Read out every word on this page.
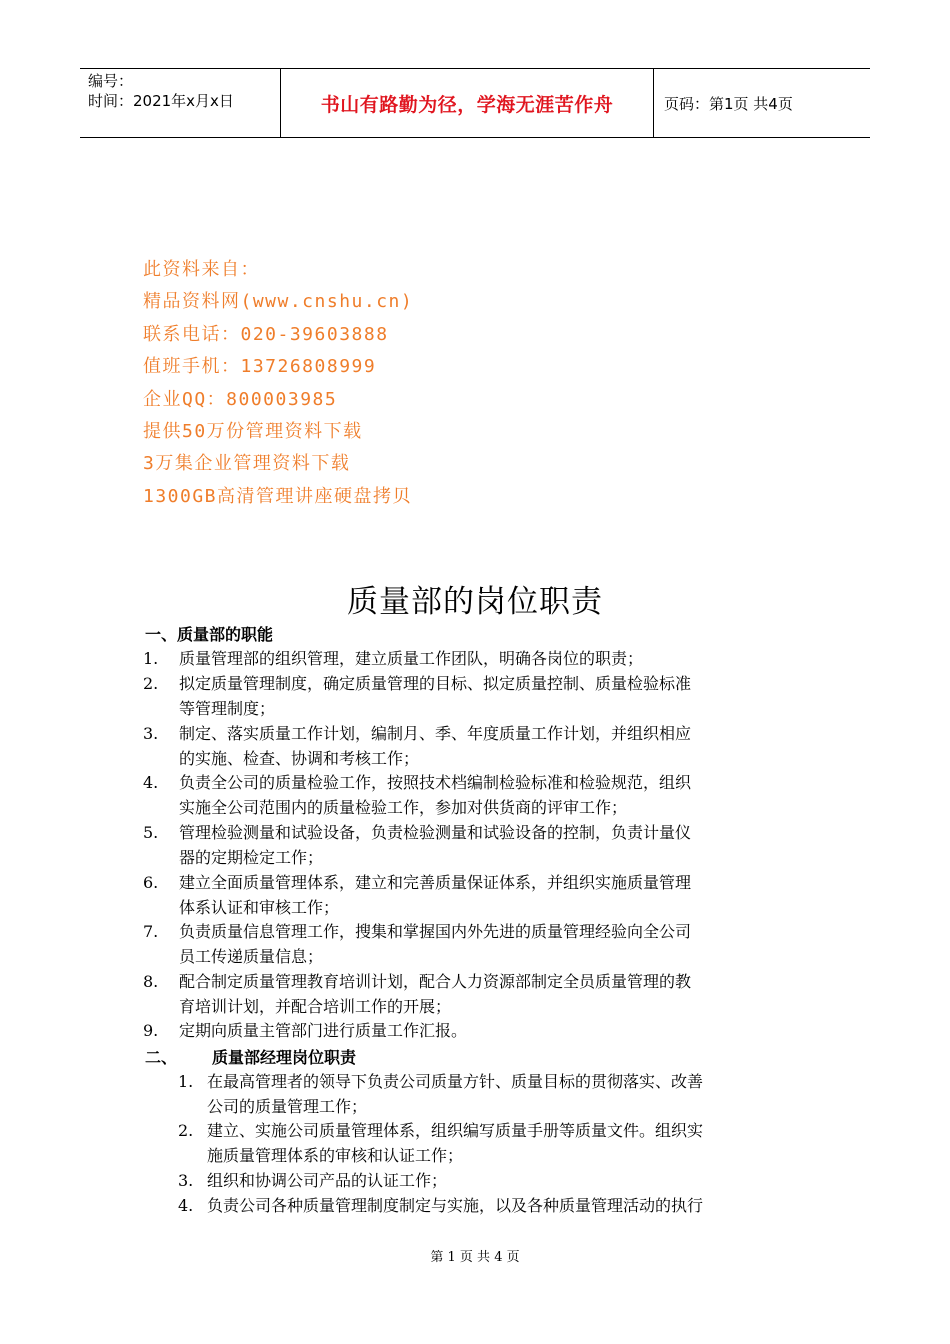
编号：
时间：2021年x月x日	书山有路勤为径，学海无涯苦作舟	页码：第1页 共4页
此资料来自：
精品资料网(www.cnshu.cn)
联系电话：020-39603888
值班手机：13726808999
企业QQ：800003985
提供50万份管理资料下载
3万集企业管理资料下载
1300GB高清管理讲座硬盘拷贝
质量部的岗位职责
一、质量部的职能
1. 质量管理部的组织管理，建立质量工作团队，明确各岗位的职责；
2. 拟定质量管理制度，确定质量管理的目标、拟定质量控制、质量检验标准
等管理制度；
3. 制定、落实质量工作计划，编制月、季、年度质量工作计划，并组织相应
的实施、检查、协调和考核工作；
4. 负责全公司的质量检验工作，按照技术档编制检验标准和检验规范，组织
实施全公司范围内的质量检验工作，参加对供货商的评审工作；
5. 管理检验测量和试验设备，负责检验测量和试验设备的控制，负责计量仪
器的定期检定工作；
6. 建立全面质量管理体系，建立和完善质量保证体系，并组织实施质量管理
体系认证和审核工作；
7. 负责质量信息管理工作，搜集和掌握国内外先进的质量管理经验向全公司
员工传递质量信息；
8. 配合制定质量管理教育培训计划，配合人力资源部制定全员质量管理的教
育培训计划，并配合培训工作的开展；
9. 定期向质量主管部门进行质量工作汇报。
二、 质量部经理岗位职责
1. 在最高管理者的领导下负责公司质量方针、质量目标的贯彻落实、改善
公司的质量管理工作；
2. 建立、实施公司质量管理体系，组织编写质量手册等质量文件。组织实
施质量管理体系的审核和认证工作；
3. 组织和协调公司产品的认证工作；
4. 负责公司各种质量管理制度制定与实施，以及各种质量管理活动的执行
第 1 页 共 4 页
